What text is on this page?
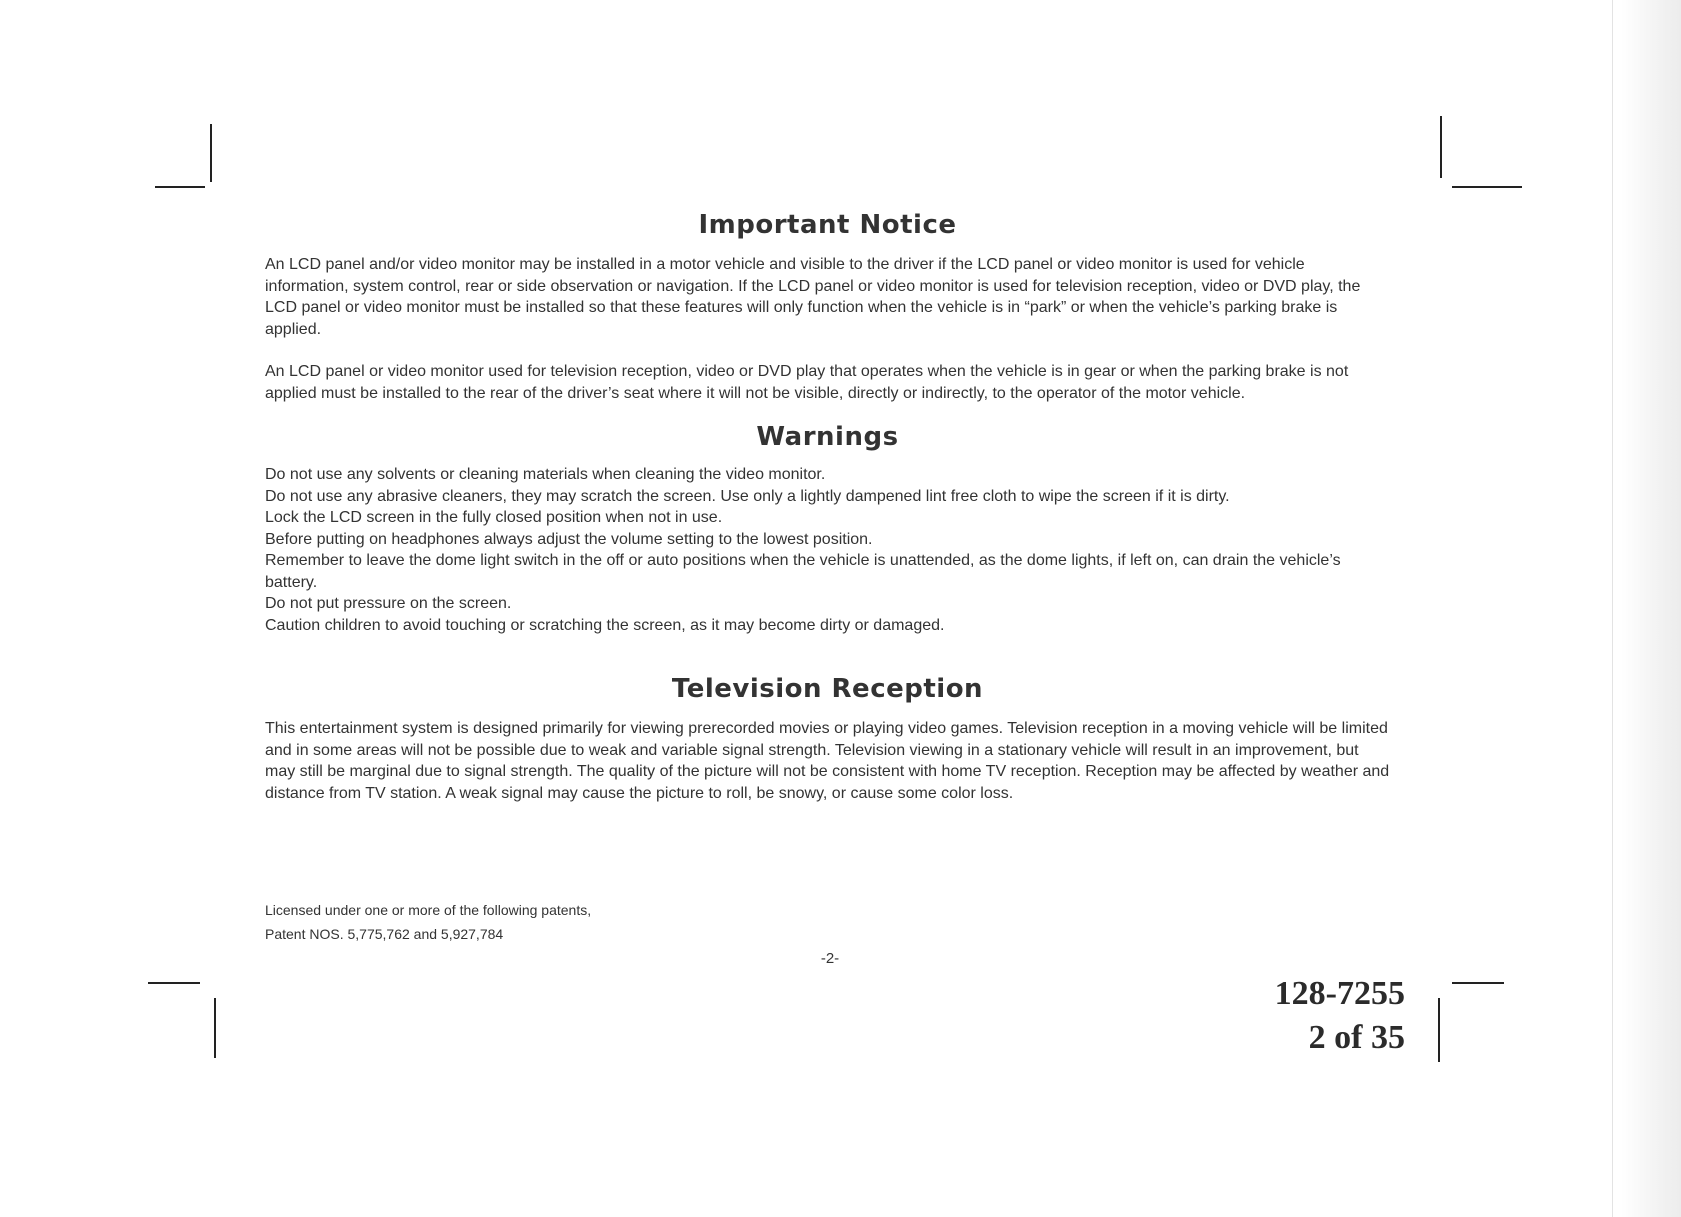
Important Notice

An LCD panel and/or video monitor may be installed in a motor vehicle and visible to the driver if the LCD panel or video monitor is used for vehicle information, system control, rear or side observation or navigation. If the LCD panel or video monitor is used for television reception, video or DVD play, the LCD panel or video monitor must be installed so that these features will only function when the vehicle is in “park” or when the vehicle’s parking brake is applied.

An LCD panel or video monitor used for television reception, video or DVD play that operates when the vehicle is in gear or when the parking brake is not applied must be installed to the rear of the driver’s seat where it will not be visible, directly or indirectly, to the operator of the motor vehicle.

Warnings

Do not use any solvents or cleaning materials when cleaning the video monitor.

Do not use any abrasive cleaners, they may scratch the screen. Use only a lightly dampened lint free cloth to wipe the screen if it is dirty.

Lock the LCD screen in the fully closed position when not in use.

Before putting on headphones always adjust the volume setting to the lowest position.

Remember to leave the dome light switch in the off or auto positions when the vehicle is unattended, as the dome lights, if left on, can drain the vehicle’s battery.

Do not put pressure on the screen.

Caution children to avoid touching or scratching the screen, as it may become dirty or damaged.

Television Reception

This entertainment system is designed primarily for viewing prerecorded movies or playing video games. Television reception in a moving vehicle will be limited and in some areas will not be possible due to weak and variable signal strength. Television viewing in a stationary vehicle will result in an improvement, but may still be marginal due to signal strength. The quality of the picture will not be consistent with home TV reception. Reception may be affected by weather and distance from TV station. A weak signal may cause the picture to roll, be snowy, or cause some color loss.

Licensed under one or more of the following patents,
Patent NOS. 5,775,762 and 5,927,784
-2-
128-7255
2 of 35
